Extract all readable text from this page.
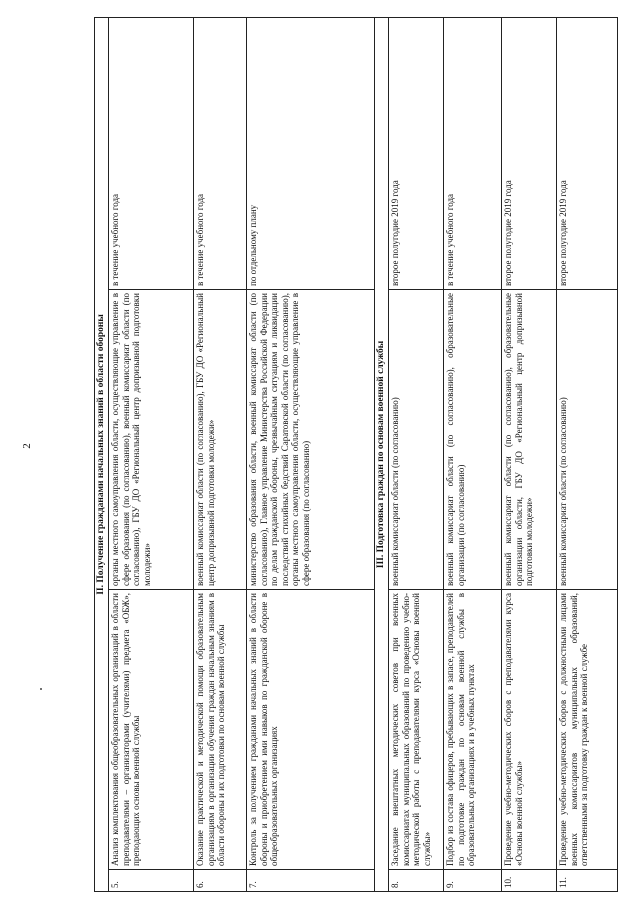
2	II. Получение гражданами начальных знаний в области обороны			
5.	Анализ комплектования общеобразовательных организаций в области преподавателями – организаторами (учителями) предмета «ОБЖ», преподающих основы военной службы	органы местного самоуправления области, осуществляющие управление в сфере образования (по согласованию), военный комиссариат области (по согласованию), ГБУ ДО «Региональный центр допризывной подготовки молодежи»	в течение учебного года
6.	Оказание практической и методической помощи образовательным организациям в организации обучения граждан начальным знаниям в области обороны и их подготовки по основам военной службы	военный комиссариат области (по согласованию), ГБУ ДО «Региональный центр допризывной подготовки молодежи»	в течение учебного года
7.	Контроль за получением гражданами начальных знаний в области обороны и приобретением ими навыков по гражданской обороне в общеобразовательных организациях	министерство образования области, военный комиссариат области (по согласованию), Главное управление Министерства Российской Федерации по делам гражданской обороны, чрезвычайным ситуациям и ликвидации последствий стихийных бедствий Саратовской области (по согласованию), органы местного самоуправления области, осуществляющие управление в сфере образования (по согласованию)	по отдельному плану
III. Подготовка граждан по основам военной службы			
8.	Заседание внештатных методических советов при военных комиссариатах муниципальных образований по проведению учебно-методической работы с преподавателями курса «Основы военной службы»	военный комиссариат области (по согласованию)	второе полугодие 2019 года
9.	Подбор из состава офицеров, пребывающих в запасе, преподавателей по подготовке граждан по основам военной службы в образовательных организациях и в учебных пунктах	военный комиссариат области (по согласованию), образовательные организации (по согласованию)	в течение учебного года
10.	Проведение учебно-методических сборов с преподавателями курса «Основы военной службы»	военный комиссариат области (по согласованию), образовательные организации области, ГБУ ДО «Региональный центр допризывной подготовки молодежи»	второе полугодие 2019 года
11.	Проведение учебно-методических сборов с должностными лицами военных комиссариатов муниципальных образований, ответственными за подготовку граждан к военной службе	военный комиссариат области (по согласованию)	второе полугодие 2019 года
